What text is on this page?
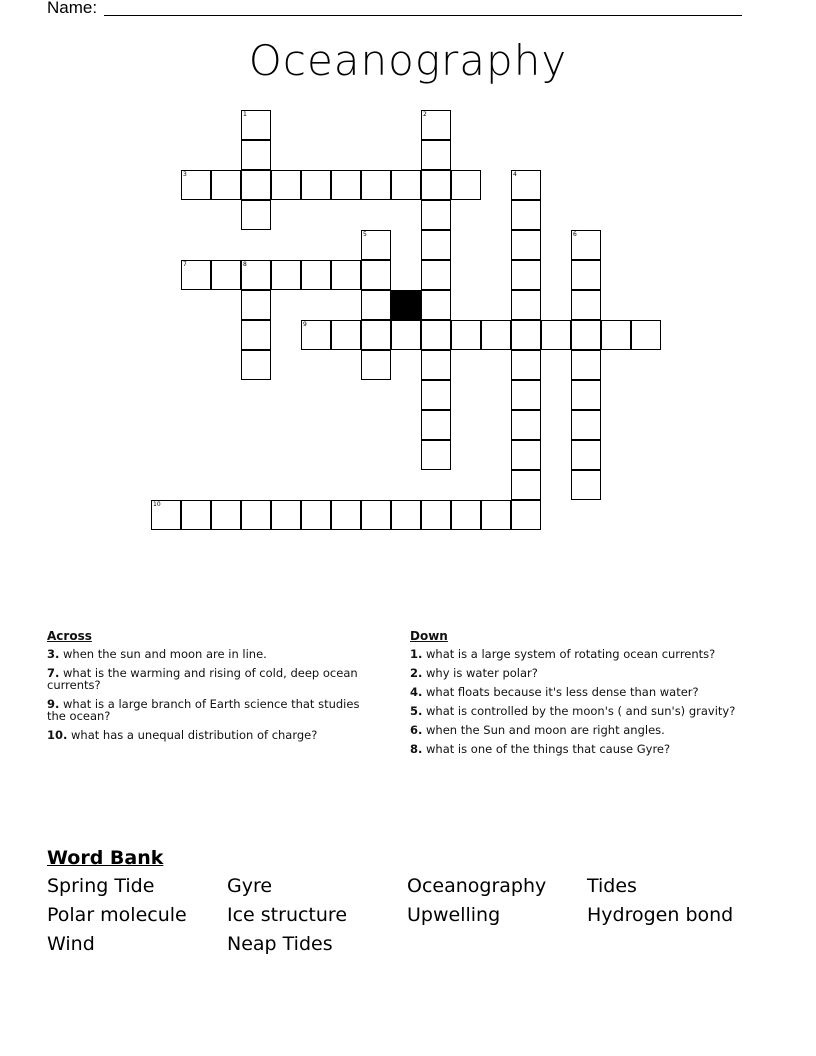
Name:
Oceanography
1	2
4
5	6
8
3
7
9
10
Across
3. when the sun and moon are in line.
7. what is the warming and rising of cold, deep ocean currents?
9. what is a large branch of Earth science that studies the ocean?
10. what has a unequal distribution of charge?
Down
1. what is a large system of rotating ocean currents?
2. why is water polar?
4. what floats because it's less dense than water?
5. what is controlled by the moon's ( and sun's) gravity?
6. when the Sun and moon are right angles.
8. what is one of the things that cause Gyre?
Word Bank
Spring Tide	Gyre	Oceanography	Tides
Polar molecule	Ice structure	Upwelling	Hydrogen bond
Wind	Neap Tides
